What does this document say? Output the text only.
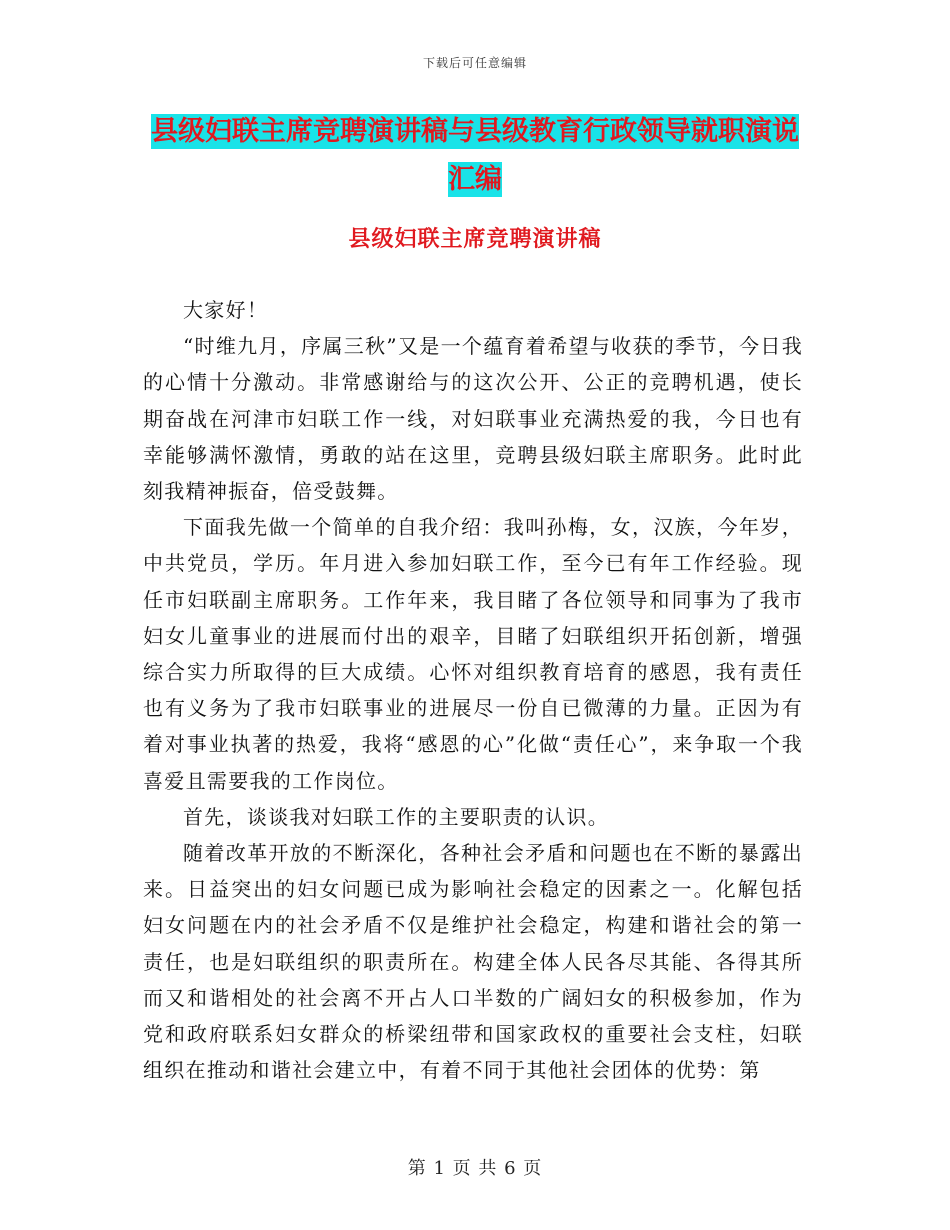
下载后可任意编辑
县级妇联主席竞聘演讲稿与县级教育行政领导就职演说汇编
县级妇联主席竞聘演讲稿

大家好！

“时维九月，序属三秋”又是一个蕴育着希望与收获的季节，今日我的心情十分激动。非常感谢给与的这次公开、公正的竞聘机遇，使长期奋战在河津市妇联工作一线，对妇联事业充满热爱的我，今日也有幸能够满怀激情，勇敢的站在这里，竞聘县级妇联主席职务。此时此刻我精神振奋，倍受鼓舞。

下面我先做一个简单的自我介绍：我叫孙梅，女，汉族，今年岁，中共党员，学历。年月进入参加妇联工作，至今已有年工作经验。现任市妇联副主席职务。工作年来，我目睹了各位领导和同事为了我市妇女儿童事业的进展而付出的艰辛，目睹了妇联组织开拓创新，增强综合实力所取得的巨大成绩。心怀对组织教育培育的感恩，我有责任也有义务为了我市妇联事业的进展尽一份自已微薄的力量。正因为有着对事业执著的热爱，我将“感恩的心”化做“责任心”，来争取一个我喜爱且需要我的工作岗位。

首先，谈谈我对妇联工作的主要职责的认识。

随着改革开放的不断深化，各种社会矛盾和问题也在不断的暴露出来。日益突出的妇女问题已成为影响社会稳定的因素之一。化解包括妇女问题在内的社会矛盾不仅是维护社会稳定，构建和谐社会的第一责任，也是妇联组织的职责所在。构建全体人民各尽其能、各得其所而又和谐相处的社会离不开占人口半数的广阔妇女的积极参加，作为党和政府联系妇女群众的桥梁纽带和国家政权的重要社会支柱，妇联组织在推动和谐社会建立中，有着不同于其他社会团体的优势：第

第 1 页 共 6 页
